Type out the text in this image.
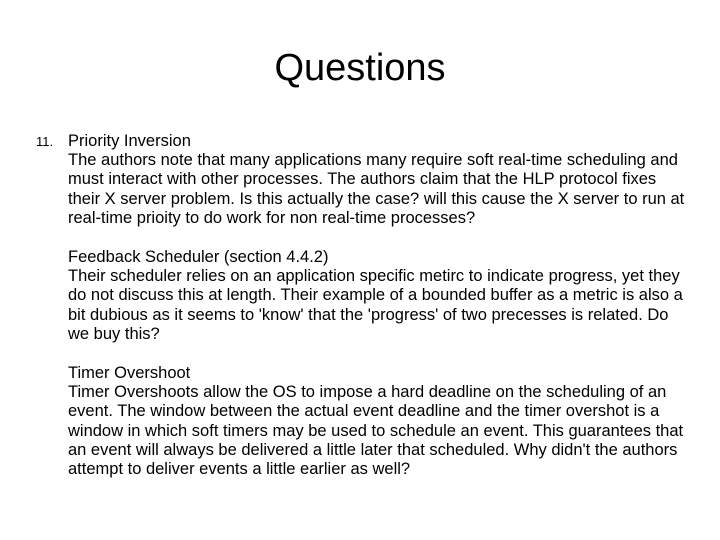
Questions
11. Priority Inversion
The authors note that many applications many require soft real-time scheduling and must interact with other processes. The authors claim that the HLP protocol fixes their X server problem. Is this actually the case? will this cause the X server to run at real-time prioity to do work for non real-time processes?
Feedback Scheduler (section 4.4.2)
Their scheduler relies on an application specific metirc to indicate progress, yet they do not discuss this at length. Their example of a bounded buffer as a metric is also a bit dubious as it seems to 'know' that the 'progress' of two precesses is related. Do we buy this?
Timer Overshoot
Timer Overshoots allow the OS to impose a hard deadline on the scheduling of an event. The window between the actual event deadline and the timer overshot is a window in which soft timers may be used to schedule an event. This guarantees that an event will always be delivered a little later that scheduled. Why didn't the authors attempt to deliver events a little earlier as well?
